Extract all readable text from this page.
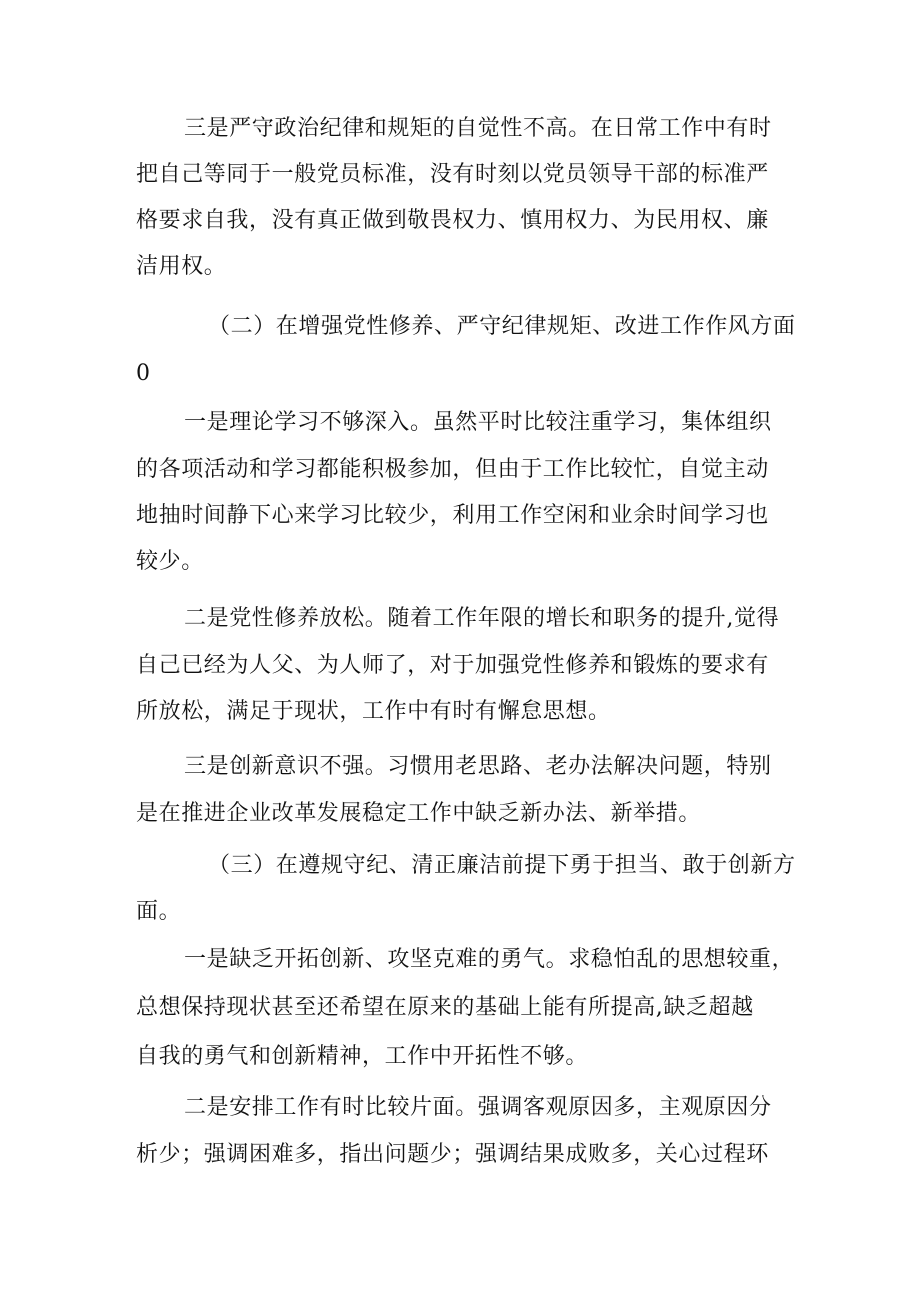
三是严守政治纪律和规矩的自觉性不高。在日常工作中有时
把自己等同于一般党员标准，没有时刻以党员领导干部的标准严
格要求自我，没有真正做到敬畏权力、慎用权力、为民用权、廉
洁用权。
（二）在增强党性修养、严守纪律规矩、改进工作作风方面
0
一是理论学习不够深入。虽然平时比较注重学习，集体组织
的各项活动和学习都能积极参加，但由于工作比较忙，自觉主动
地抽时间静下心来学习比较少，利用工作空闲和业余时间学习也
较少。
二是党性修养放松。随着工作年限的增长和职务的提升,觉得
自己已经为人父、为人师了，对于加强党性修养和锻炼的要求有
所放松，满足于现状，工作中有时有懈怠思想。
三是创新意识不强。习惯用老思路、老办法解决问题，特别
是在推进企业改革发展稳定工作中缺乏新办法、新举措。
（三）在遵规守纪、清正廉洁前提下勇于担当、敢于创新方
面。
一是缺乏开拓创新、攻坚克难的勇气。求稳怕乱的思想较重，
总想保持现状甚至还希望在原来的基础上能有所提高,缺乏超越
自我的勇气和创新精神，工作中开拓性不够。
二是安排工作有时比较片面。强调客观原因多，主观原因分
析少；强调困难多，指出问题少；强调结果成败多，关心过程环
